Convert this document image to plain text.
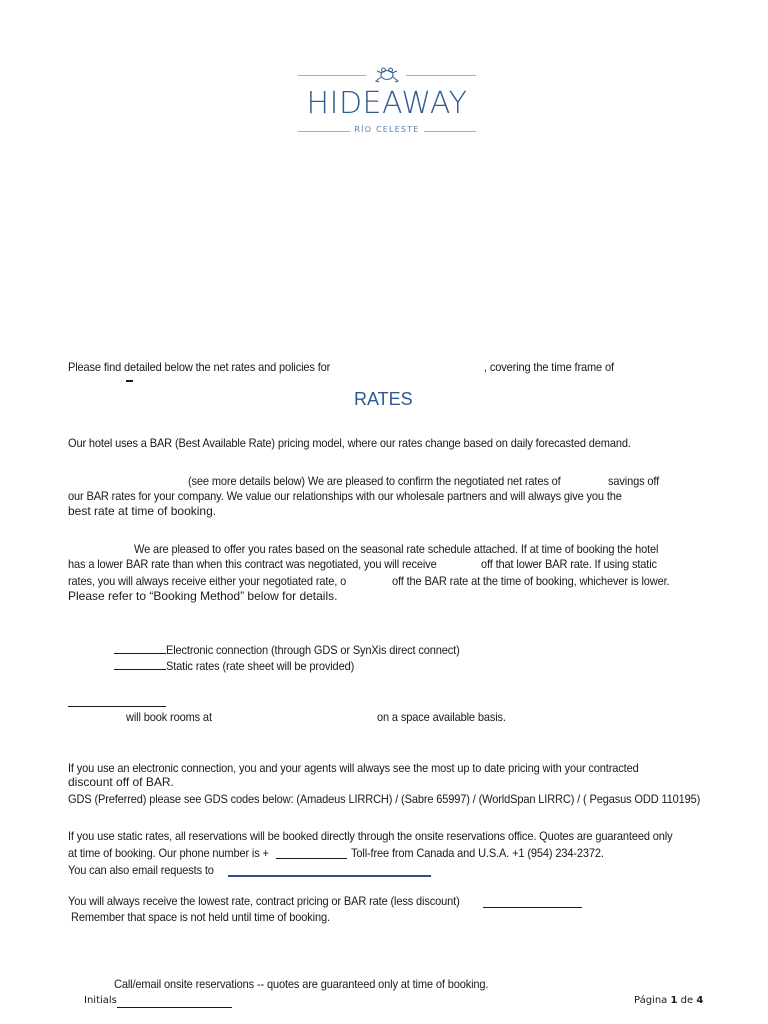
HIDEAWAY
RÍO CELESTE
Please find detailed below the net rates and policies for	, covering the time frame of
RATES
Our hotel uses a BAR (Best Available Rate) pricing model, where our rates change based on daily forecasted demand.
(see more details below) We are pleased to confirm the negotiated net rates of	savings off
our BAR rates for your company. We value our relationships with our wholesale partners and will always give you the
best rate at time of booking.
We are pleased to offer you rates based on the seasonal rate schedule attached. If at time of booking the hotel
has a lower BAR rate than when this contract was negotiated, you will receive	off that lower BAR rate. If using static
rates, you will always receive either your negotiated rate, o	off the BAR rate at the time of booking, whichever is lower.
Please refer to “Booking Method” below for details.
Electronic connection (through GDS or SynXis direct connect)
Static rates (rate sheet will be provided)
will book rooms at	on a space available basis.
If you use an electronic connection, you and your agents will always see the most up to date pricing with your contracted
discount off of BAR.
GDS (Preferred) please see GDS codes below: (Amadeus LIRRCH) / (Sabre 65997) / (WorldSpan LIRRC) / ( Pegasus ODD 110195)
If you use static rates, all reservations will be booked directly through the onsite reservations office. Quotes are guaranteed only
at time of booking. Our phone number is +	Toll-free from Canada and U.S.A. +1 (954) 234-2372.
You can also email requests to
You will always receive the lowest rate, contract pricing or BAR rate (less discount)
Remember that space is not held until time of booking.
Call/email onsite reservations -- quotes are guaranteed only at time of booking.
Initials	Página 1 de 4
